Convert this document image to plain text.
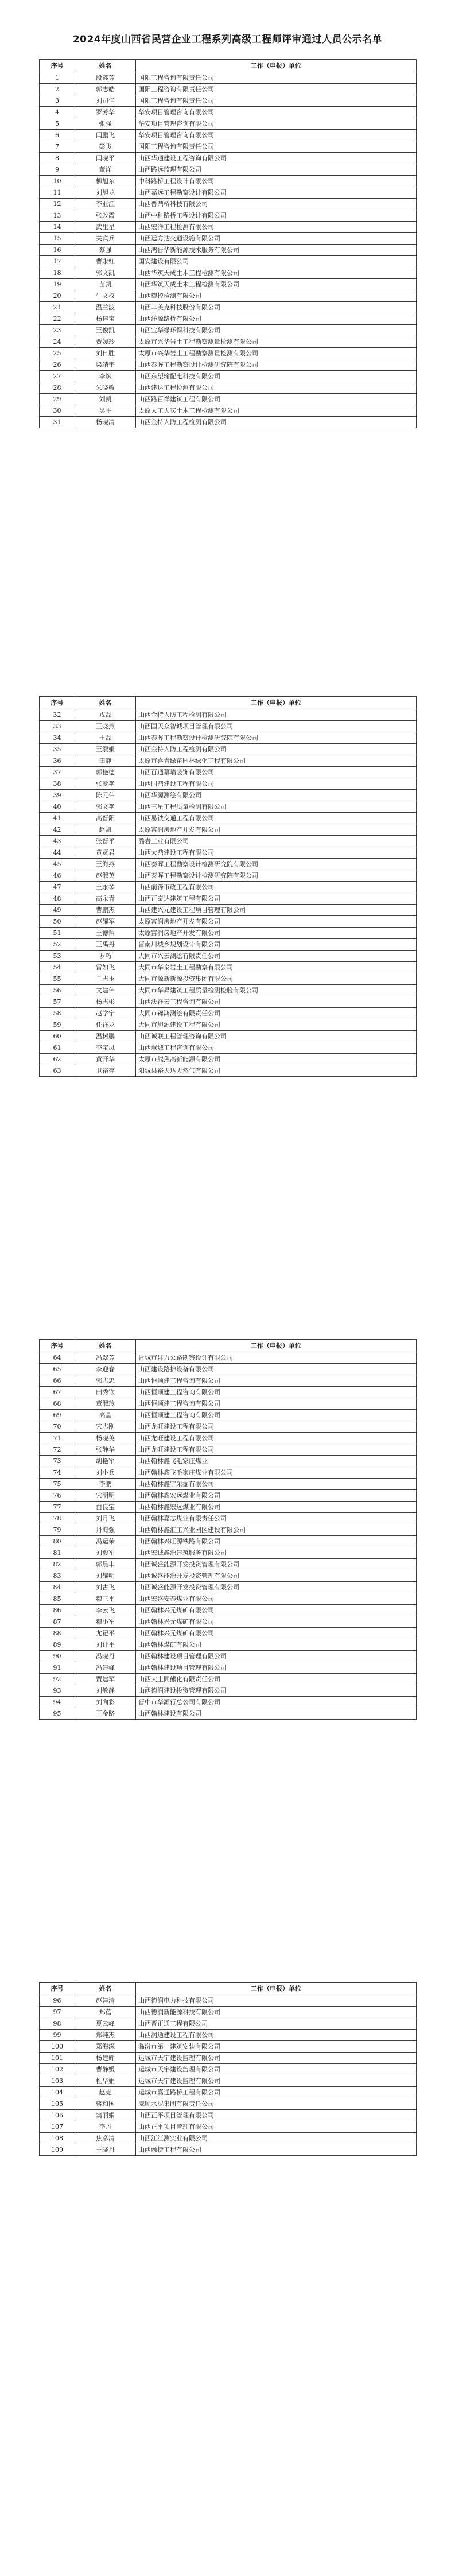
2024年度山西省民营企业工程系列高级工程师评审通过人员公示名单
序号	姓名	工作（申报）单位
1	段鑫芳	国阳工程咨询有限责任公司
2	郭志皓	国阳工程咨询有限责任公司
3	刘司佳	国阳工程咨询有限责任公司
4	罗芳华	华安项目管理咨询有限公司
5	张强	华安项目管理咨询有限公司
6	闫鹏飞	华安项目管理咨询有限公司
7	彭飞	国阳工程咨询有限责任公司
8	闫晓平	山西华通建设工程咨询有限公司
9	董洋	山西路远监理有限公司
10	柳旭东	中科路桥工程设计有限公司
11	刘旭龙	山西嘉远工程勘察设计有限公司
12	李亚江	山西晋鼎桥科技有限公司
13	张改霞	山西中科路桥工程设计有限公司
14	武里星	山西宏洋工程检测有限公司
15	关宾兵	山西远方达交通设施有限公司
16	蔡强	山西鸿晋华新能源技术服务有限公司
17	曹永红	国安建设有限公司
18	郭文凯	山西华筑天成土木工程检测有限公司
19	苗凯	山西华筑天成土木工程检测有限公司
20	牛文权	山西望控检测有限公司
21	温兰波	山西丰美克科技股份有限公司
22	杨佳宝	山西洋源路桥有限公司
23	王俊凯	山西宝华绿环保科技有限公司
24	贾媛玲	太原市兴华岩土工程勘察测量检测有限公司
25	刘日胜	太原市兴华岩土工程勘察测量检测有限公司
26	梁靖宇	山西泰晖工程勘察设计检测研究院有限公司
27	李斌	山西东望输配电科技有限公司
28	朱晓敏	山西建达工程检测有限公司
29	刘凯	山西路百祥建筑工程有限公司
30	吴平	太原太工天宾土木工程检测有限公司
31	杨晓清	山西金特人防工程检测有限公司
序号	姓名	工作（申报）单位
32	戎磊	山西金特人防工程检测有限公司
33	王晓燕	山西国天众智诚项目管理有限公司
34	王磊	山西泰晖工程勘察设计检测研究院有限公司
35	王淑娟	山西金特人防工程检测有限公司
36	田静	太原市喜青绿苗园林绿化工程有限公司
37	郭艳德	山西百通幕墙装饰有限公司
38	张爱艳	山西国鼎建设工程有限公司
39	陈元伟	山西华源测绘有限公司
40	郭文艳	山西三星工程质量检测有限公司
41	高晋阳	山西易铁交通工程有限公司
42	赵凯	太原富润房地产开发有限公司
43	张晋平	潞岩工业有限公司
44	黄贤君	山西大鼎建设工程有限公司
45	王海燕	山西泰晖工程勘察设计检测研究院有限公司
46	赵淑英	山西泰晖工程勘察设计检测研究院有限公司
47	王永琴	山西前锋市政工程有限公司
48	高永青	山西正泰达建筑工程有限公司
49	曹鹏杰	山西建兴元建设工程项目管理有限公司
50	赵耀军	太原富润房地产开发有限公司
51	王德翔	太原富润房地产开发有限公司
52	王禹丹	晋南川城乡规划设计有限公司
53	罗巧	大同市兴云测绘有限责任公司
54	雷如飞	大同市华泰岩土工程勘察有限公司
55	兰志玉	大同市源新新源投资集团有限公司
56	文建伟	大同市华昇建筑工程质量检测检验有限公司
57	杨志彬	山西沃祥云工程咨询有限公司
58	赵学宁	大同市锦鸿测绘有限责任公司
59	任祥龙	大同市旭源建设工程有限公司
60	温树鹏	山西诚联工程管理咨询有限公司
61	李宝凤	山西慧城工程咨询有限公司
62	黄开华	太原市熊焦高新能源有限公司
63	卫裕存	阳城县裕天达天然气有限公司
序号	姓名	工作（申报）单位
64	冯翠芳	晋城市群力公路勘察设计有限公司
65	李迎春	山西建设路护设备有限公司
66	郭志忠	山西恒顺建工程咨询有限公司
67	田秀钦	山西恒顺建工程咨询有限公司
68	董淑玲	山西恒顺建工程咨询有限公司
69	高晶	山西恒顺建工程咨询有限公司
70	宋志刚	山西龙旺建设工程有限公司
71	杨晓英	山西龙旺建设工程有限公司
72	张静华	山西龙旺建设工程有限公司
73	胡艳军	山西翰林鑫飞毛家庄煤业
74	刘小兵	山西翰林鑫飞毛家庄煤业有限公司
75	李鹏	山西翰林鑫宇采掘有限公司
76	宋明明	山西翰林鑫宏远煤业有限公司
77	白良宝	山西翰林鑫宏远煤业有限公司
78	刘月飞	山西翰林嘉志煤业有限责任公司
79	丹海强	山西翰林鑫汇工兴业园区建设有限公司
80	冯运荣	山西翰林兴旺源铁路有限公司
81	刘毅军	山西宏诚鑫源建筑服务有限公司
82	郭晨丰	山西诚盛能源开发投资管理有限公司
83	刘耀明	山西诚盛能源开发投资管理有限公司
84	刘古飞	山西诚盛能源开发投资管理有限公司
85	魏三平	山西宏盛安泰煤业有限公司
86	李云飞	山西翰林兴元煤矿有限公司
87	魏小军	山西翰林兴元煤矿有限公司
88	尤记平	山西翰林兴元煤矿有限公司
89	刘计平	山西翰林煤矿有限公司
90	冯晓丹	山西翰林建设项目管理有限公司
91	冯建峰	山西翰林建设项目管理有限公司
92	贾建军	山西大土同熊化有限责任公司
93	刘敏静	山西德润建设投资管理有限公司
94	刘向彩	晋中市华源行总公司有限公司
95	王金路	山西翰林建设有限公司
序号	姓名	工作（申报）单位
96	赵建清	山西德润电力科技有限公司
97	郑蓓	山西德润新能源科技有限公司
98	夏云峰	山西晋正通工程有限公司
99	郑纯杰	山西润通建设工程有限公司
100	郑海深	临汾市第一建筑安装有限公司
101	杨建辉	运城市天宇建设监理有限公司
102	曹静媛	运城市天宇建设监理有限公司
103	杜华娟	运城市天宇建设监理有限公司
104	赵克	运城市嘉通路桥工程有限公司
105	蒋和国	威顺水泥集团有限责任公司
106	窦丽娟	山西正平项目管理有限公司
107	李丹	山西正平项目管理有限公司
108	焦彦清	山西江江测实业有限公司
109	王晓丹	山西融捷工程有限公司
